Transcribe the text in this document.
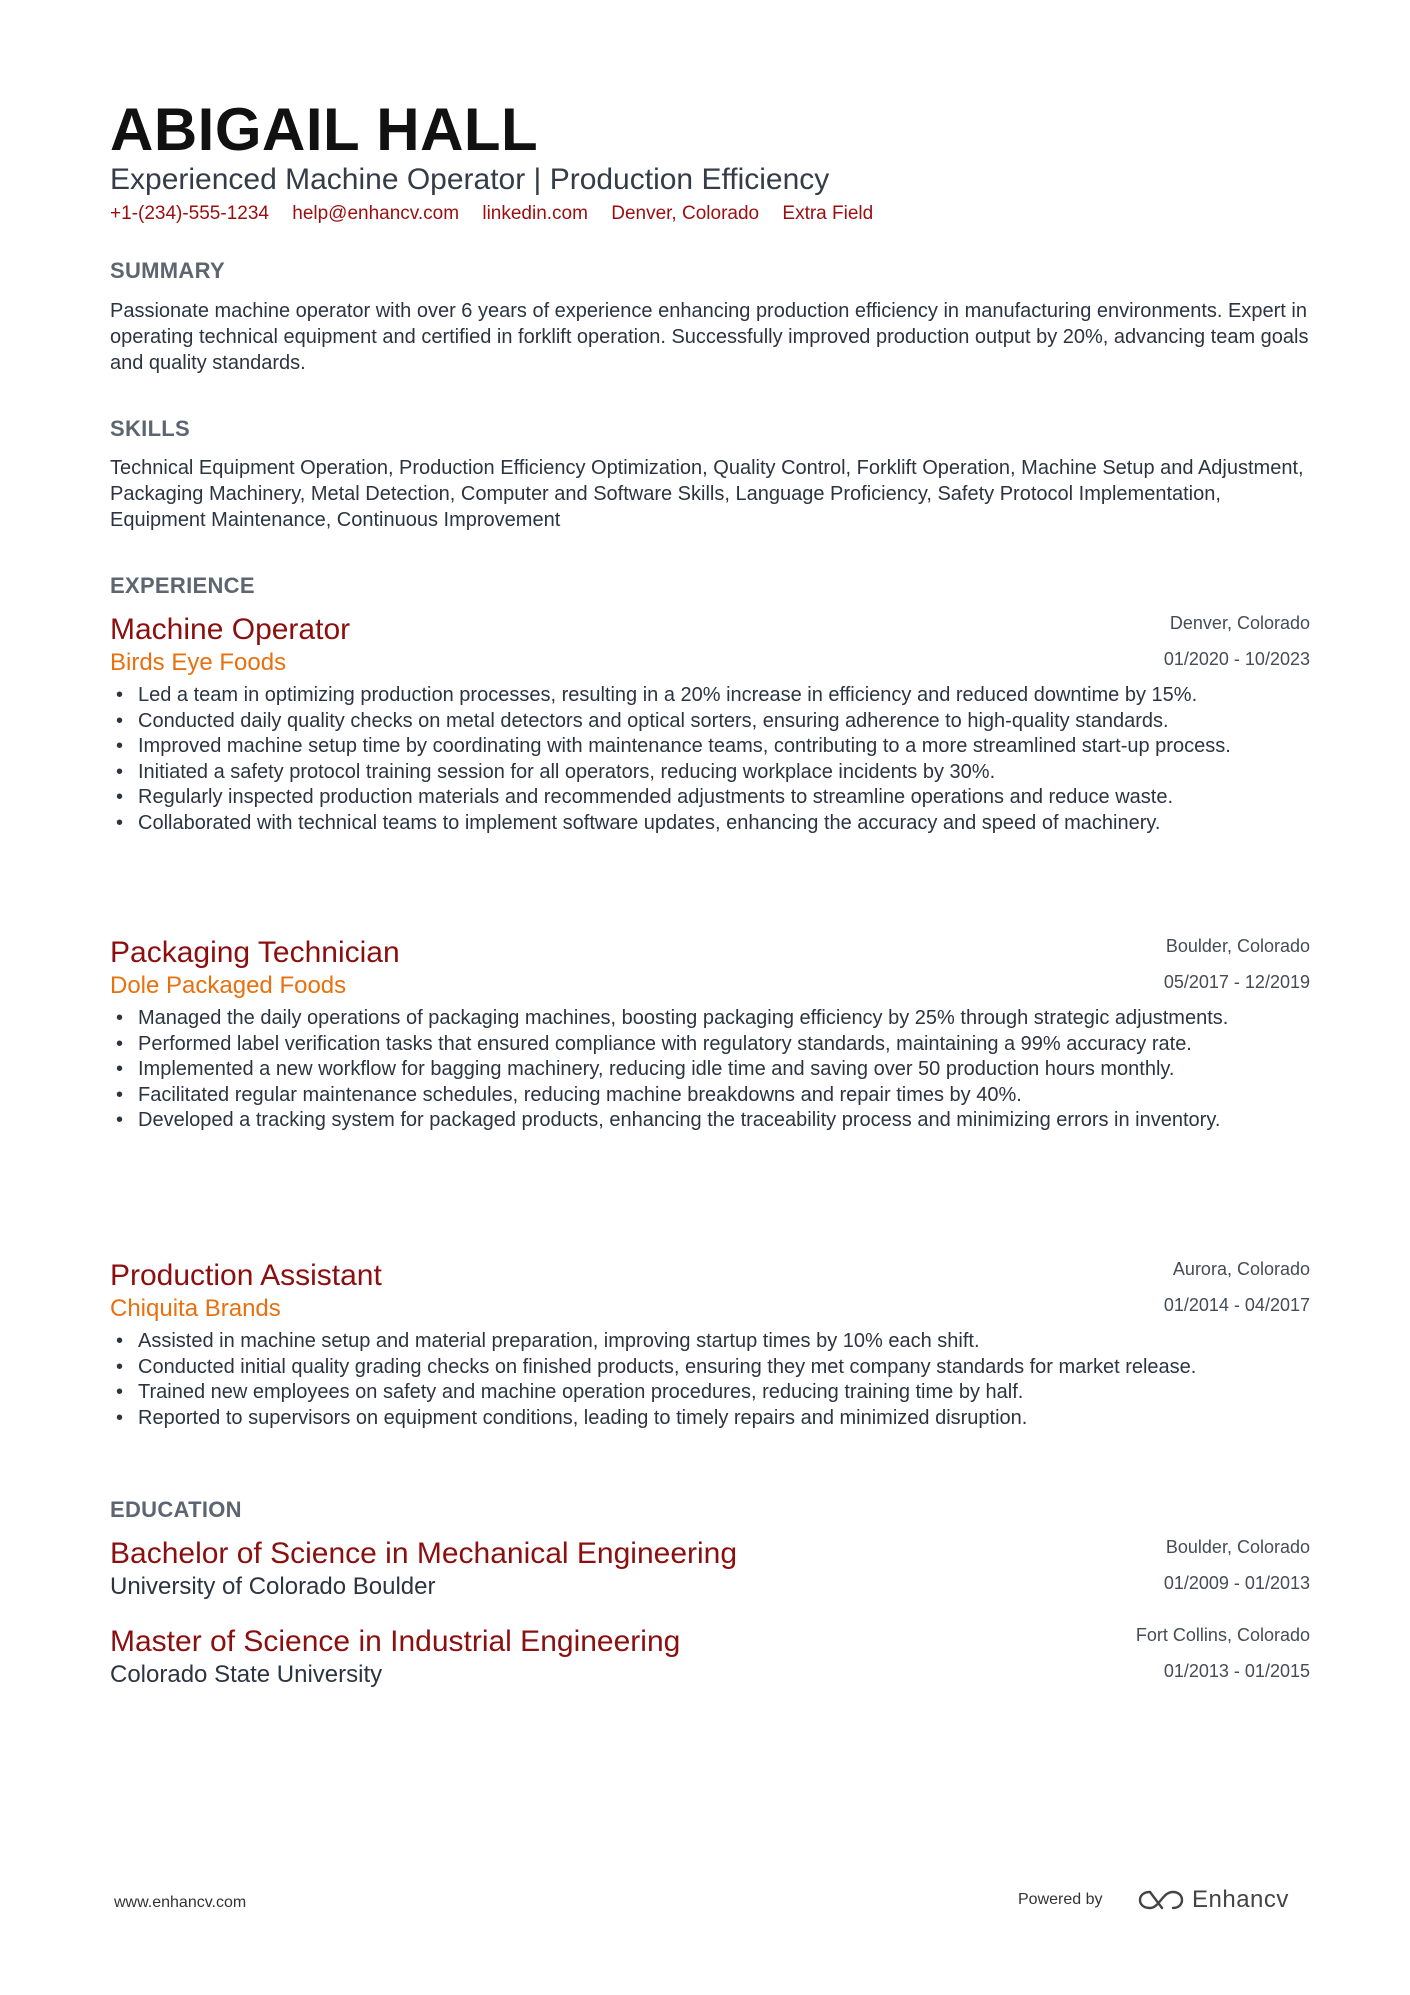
ABIGAIL HALL
Experienced Machine Operator | Production Efficiency
+1-(234)-555-1234 help@enhancv.com linkedin.com Denver, Colorado Extra Field
SUMMARY
Passionate machine operator with over 6 years of experience enhancing production efficiency in manufacturing environments. Expert in operating technical equipment and certified in forklift operation. Successfully improved production output by 20%, advancing team goals and quality standards.
SKILLS
Technical Equipment Operation, Production Efficiency Optimization, Quality Control, Forklift Operation, Machine Setup and Adjustment, Packaging Machinery, Metal Detection, Computer and Software Skills, Language Proficiency, Safety Protocol Implementation, Equipment Maintenance, Continuous Improvement
EXPERIENCE
Machine Operator	Denver, Colorado
Birds Eye Foods	01/2020 - 10/2023
• Led a team in optimizing production processes, resulting in a 20% increase in efficiency and reduced downtime by 15%.
• Conducted daily quality checks on metal detectors and optical sorters, ensuring adherence to high-quality standards.
• Improved machine setup time by coordinating with maintenance teams, contributing to a more streamlined start-up process.
• Initiated a safety protocol training session for all operators, reducing workplace incidents by 30%.
• Regularly inspected production materials and recommended adjustments to streamline operations and reduce waste.
• Collaborated with technical teams to implement software updates, enhancing the accuracy and speed of machinery.
Packaging Technician	Boulder, Colorado
Dole Packaged Foods	05/2017 - 12/2019
• Managed the daily operations of packaging machines, boosting packaging efficiency by 25% through strategic adjustments.
• Performed label verification tasks that ensured compliance with regulatory standards, maintaining a 99% accuracy rate.
• Implemented a new workflow for bagging machinery, reducing idle time and saving over 50 production hours monthly.
• Facilitated regular maintenance schedules, reducing machine breakdowns and repair times by 40%.
• Developed a tracking system for packaged products, enhancing the traceability process and minimizing errors in inventory.
Production Assistant	Aurora, Colorado
Chiquita Brands	01/2014 - 04/2017
• Assisted in machine setup and material preparation, improving startup times by 10% each shift.
• Conducted initial quality grading checks on finished products, ensuring they met company standards for market release.
• Trained new employees on safety and machine operation procedures, reducing training time by half.
• Reported to supervisors on equipment conditions, leading to timely repairs and minimized disruption.
EDUCATION
Bachelor of Science in Mechanical Engineering	Boulder, Colorado
University of Colorado Boulder	01/2009 - 01/2013
Master of Science in Industrial Engineering	Fort Collins, Colorado
Colorado State University	01/2013 - 01/2015
www.enhancv.com	Powered by	Enhancv
